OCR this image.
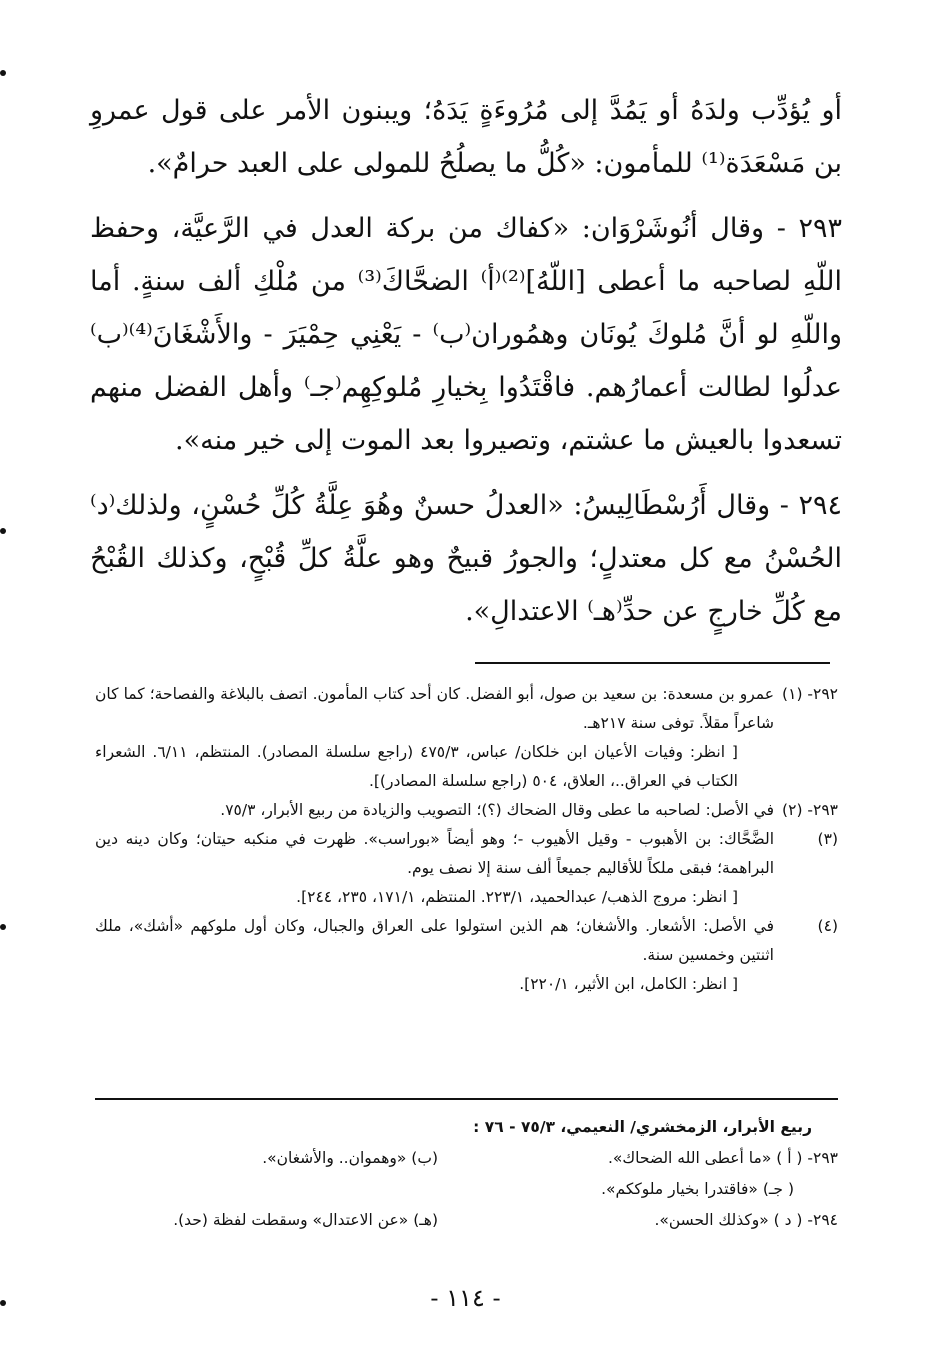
أو يُؤدِّب ولدَهُ أو يَمُدَّ إلى مُرُوءَةٍ يَدَهُ؛ ويبنون الأمر على قول عمروِ بن مَسْعَدَة⁽¹⁾ للمأمون: «كُلُّ ما يصلُحُ للمولى على العبد حرامٌ».

٢٩٣ - وقال أنُوشَرْوَان: «كفاك من بركة العدل في الرَّعيَّة، وحفظ اللّهِ لصاحبه ما أعطى [اللّهُ]⁽²⁾⁽أ⁾ الضحَّاكَ⁽³⁾ من مُلْكِ ألف سنةٍ. أما واللّهِ لو أنَّ مُلوكَ يُونَان وهمُوران⁽ب⁾ - يَعْنِي حِمْيَرَ - والأَشْغَانَ⁽⁴⁾⁽ب⁾ عدلُوا لطالت أعمارُهم. فاقْتَدُوا بِخيارِ مُلوكِهِم⁽جـ⁾ وأهل الفضل منهم تسعدوا بالعيش ما عشتم، وتصيروا بعد الموت إلى خير منه».

٢٩٤ - وقال أَرُسْطَالِيسُ: «العدلُ حسنٌ وهُوَ عِلَّةُ كُلِّ حُسْنٍ، ولذلك⁽د⁾ الحُسْنُ مع كل معتدلٍ؛ والجورُ قبيحٌ وهو علَّةُ كلِّ قُبْحٍ، وكذلك القُبْحُ مع كُلِّ خارجٍ عن حدِّ⁽هـ⁾ الاعتدالِ».

٢٩٢- (١)
عمرو بن مسعدة: بن سعيد بن صول، أبو الفضل. كان أحد كتاب المأمون. اتصف بالبلاغة والفصاحة؛ كما كان شاعراً مقلاً. توفى سنة ٢١٧هـ.
[ انظر: وفيات الأعيان ابن خلكان/ عباس، ٤٧٥/٣ (راجع سلسلة المصادر). المنتظم، ٦/١١. الشعراء الكتاب في العراق..، العلاق، ٥٠٤ (راجع سلسلة المصادر)].
٢٩٣- (٢)
في الأصل: لصاحبه ما عطى وقال الضحاك (؟)؛ التصويب والزيادة من ربيع الأبرار، ٧٥/٣.
(٣)
الضَّحَّاك: بن الأهبوب - وقيل الأهيوب -؛ وهو أيضاً «بوراسب». ظهرت في منكبه حيتان؛ وكان دينه دين البراهمة؛ فبقى ملكاً للأقاليم جميعاً ألف سنة إلا نصف يوم.
[ انظر: مروج الذهب/ عبدالحميد، ٢٢٣/١. المنتظم، ١٧١/١، ٢٣٥، ٢٤٤].
(٤)
في الأصل: الأشعار. والأشغان؛ هم الذين استولوا على العراق والجبال، وكان أول ملوكهم «أشك»، ملك اثنتين وخمسين سنة.
[ انظر: الكامل، ابن الأثير، ٢٢٠/١].
ربيع الأبرار، الزمخشري/ النعيمي، ٧٥/٣ - ٧٦ :
٢٩٣- ( أ ) «ما أعطى الله الضحاك».
(ب) «وهموان.. والأشغان».
( جـ) «فاقتدرا بخيار ملوككم».
٢٩٤- ( د ) «وكذلك الحسن».
(هـ) «عن الاعتدال» وسقطت لفظة (حد).
- ١١٤ -
